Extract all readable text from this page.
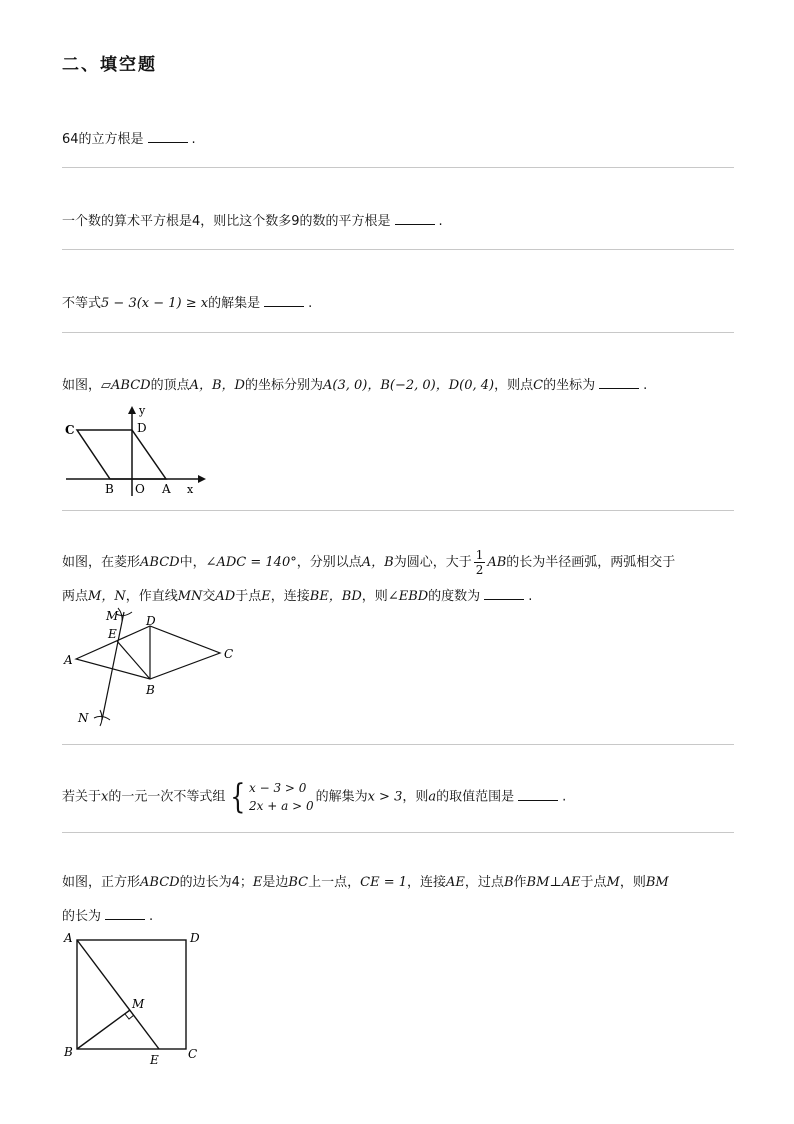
二、填空题
64的立方根是	.
一个数的算术平方根是4，则比这个数多9的数的平方根是	.
不等式5 − 3(x − 1) ≥ x的解集是	.
如图，▱ABCD的顶点A，B，D的坐标分别为A(3, 0)，B(−2, 0)，D(0, 4)，则点C的坐标为	.
C	D
y
B O A x
如图，在菱形ABCD中，∠ADC = 140°，分别以点A，B为圆心，大于 $\frac{1}{2}$ AB的长为半径画弧，两弧相交于
两点M，N，作直线MN交AD于点E，连接BE，BD，则∠EBD的度数为	.
M
E
D
A	C
B
N
若关于x的一元一次不等式组 { x − 3 > 0
2x + a > 0
的解集为x > 3，则a的取值范围是	.
如图，正方形ABCD的边长为4；E是边BC上一点，CE = 1，连接AE，过点B作BM⊥AE于点M，则BM
的长为	.
A	D
M
B
E C
